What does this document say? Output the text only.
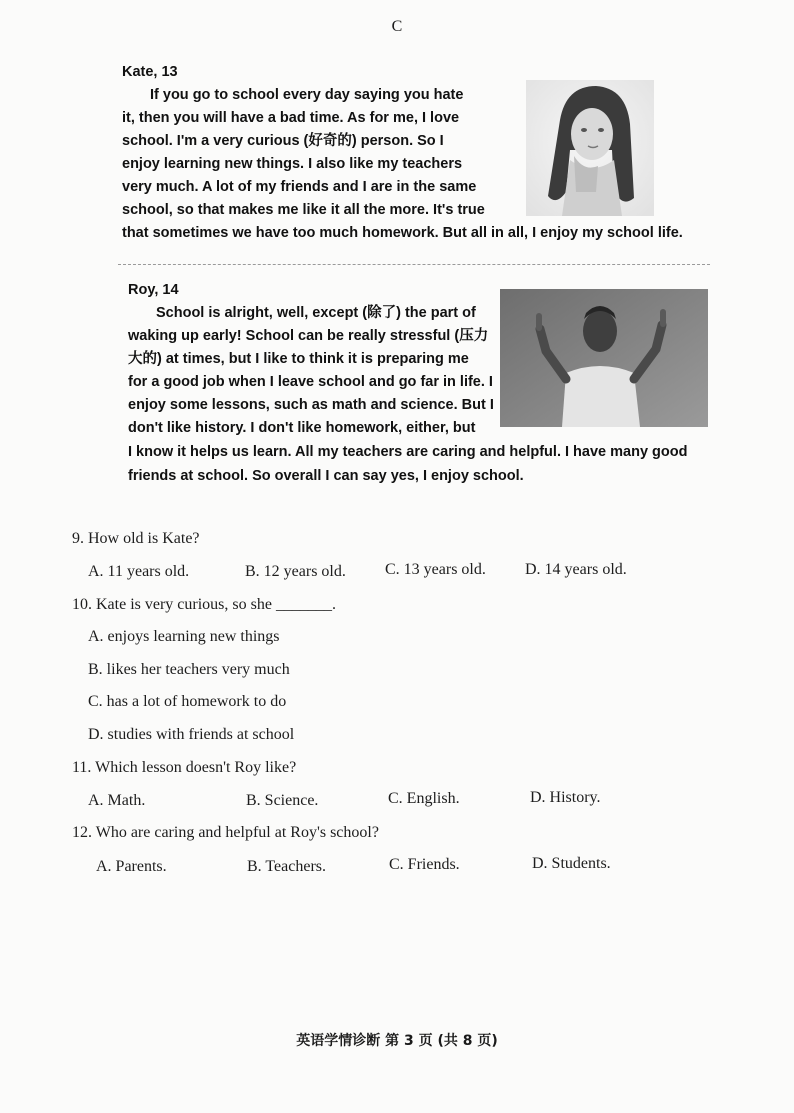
C
Kate, 13
If you go to school every day saying you hate
it, then you will have a bad time. As for me, I love
school. I'm a very curious (好奇的) person. So I
enjoy learning new things. I also like my teachers
very much. A lot of my friends and I are in the same
school, so that makes me like it all the more. It's true
that sometimes we have too much homework. But all in all, I enjoy my school life.
Roy, 14
School is alright, well, except (除了) the part of
waking up early! School can be really stressful (压力
大的) at times, but I like to think it is preparing me
for a good job when I leave school and go far in life. I
enjoy some lessons, such as math and science. But I
don't like history. I don't like homework, either, but
I know it helps us learn. All my teachers are caring and helpful. I have many good
friends at school. So overall I can say yes, I enjoy school.
9. How old is Kate?
A. 11 years old.	B. 12 years old. C. 13 years old. D. 14 years old.
10. Kate is very curious, so she _______.
A. enjoys learning new things
B. likes her teachers very much
C. has a lot of homework to do
D. studies with friends at school
11. Which lesson doesn't Roy like?
A. Math.	B. Science.	C. English.	D. History.
12. Who are caring and helpful at Roy's school?
A. Parents.	B. Teachers.	C. Friends.	D. Students.
英语学情诊断 第 3 页 (共 8 页)
